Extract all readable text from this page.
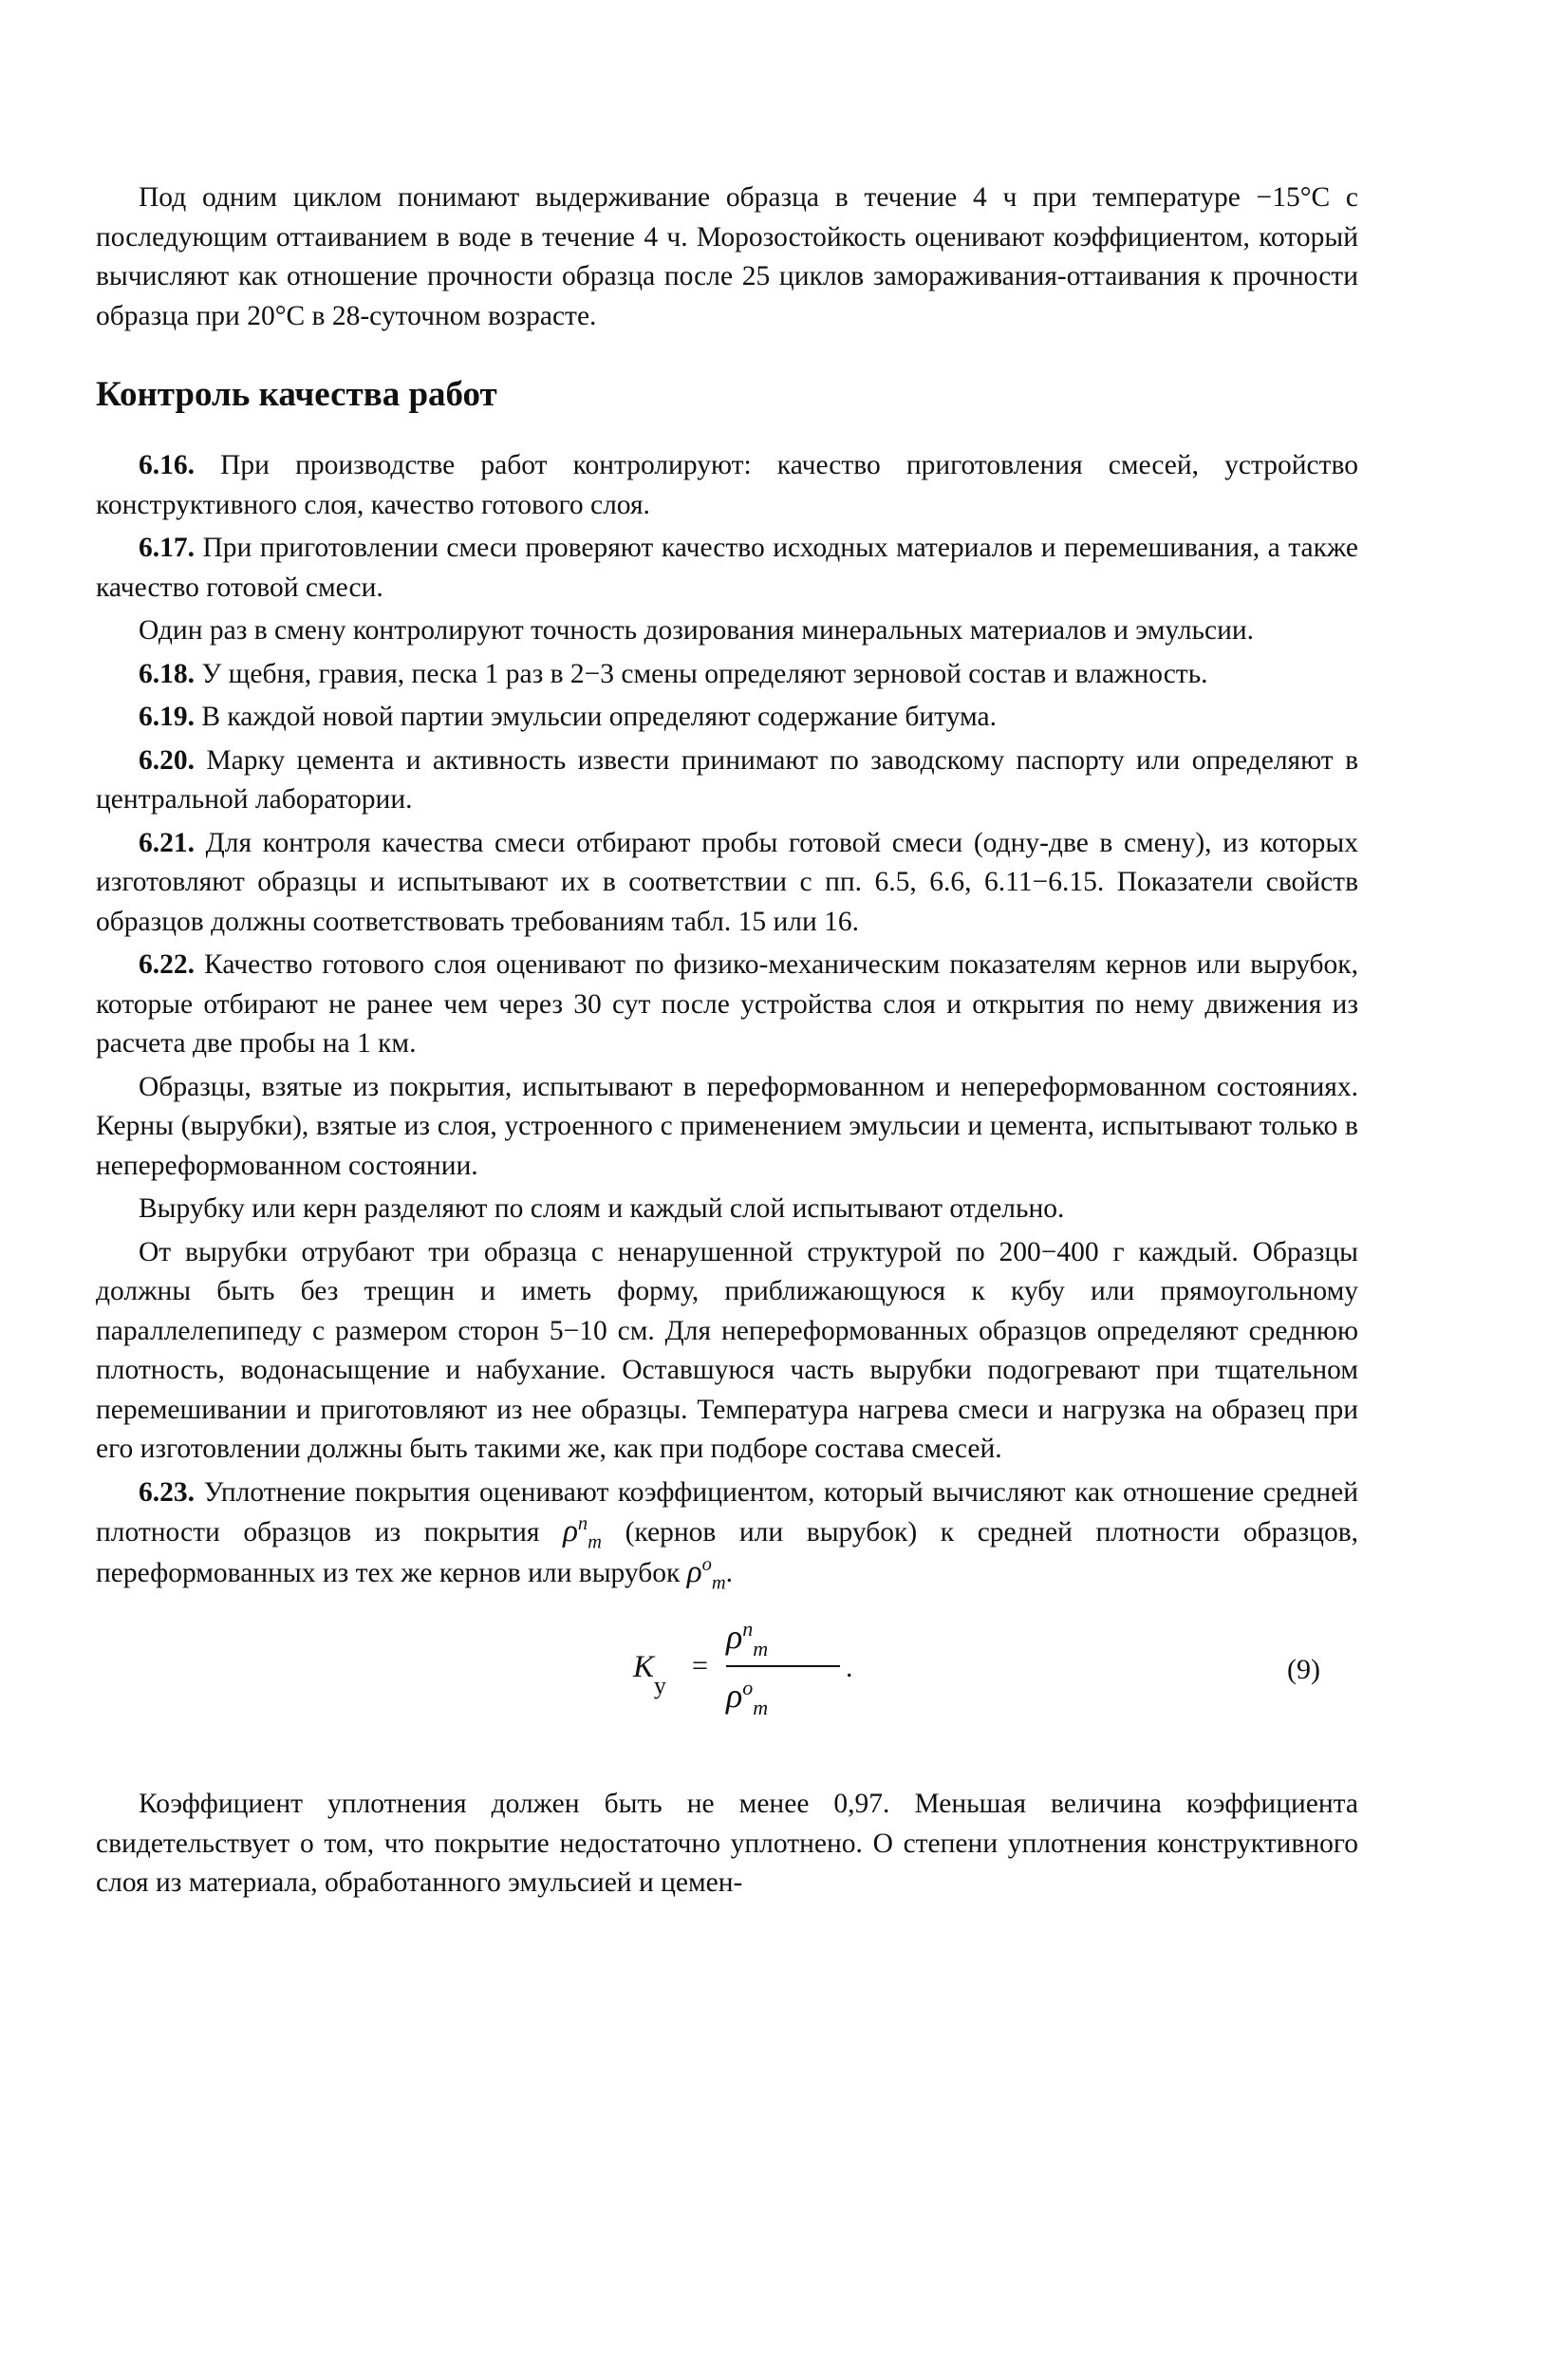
Под одним циклом понимают выдерживание образца в течение 4 ч при температуре −15°С с последующим оттаиванием в воде в течение 4 ч. Морозостойкость оценивают коэффициентом, который вычисляют как отношение прочности образца после 25 циклов замораживания-оттаивания к прочности образца при 20°С в 28-суточном возрасте.

Контроль качества работ

6.16. При производстве работ контролируют: качество приготовления смесей, устройство конструктивного слоя, качество готового слоя.

6.17. При приготовлении смеси проверяют качество исходных материалов и перемешивания, а также качество готовой смеси.

Один раз в смену контролируют точность дозирования минеральных материалов и эмульсии.

6.18. У щебня, гравия, песка 1 раз в 2−3 смены определяют зерновой состав и влажность.

6.19. В каждой новой партии эмульсии определяют содержание битума.

6.20. Марку цемента и активность извести принимают по заводскому паспорту или определяют в центральной лаборатории.

6.21. Для контроля качества смеси отбирают пробы готовой смеси (одну-две в смену), из которых изготовляют образцы и испытывают их в соответствии с пп. 6.5, 6.6, 6.11−6.15. Показатели свойств образцов должны соответствовать требованиям табл. 15 или 16.

6.22. Качество готового слоя оценивают по физико-механическим показателям кернов или вырубок, которые отбирают не ранее чем через 30 сут после устройства слоя и открытия по нему движения из расчета две пробы на 1 км.

Образцы, взятые из покрытия, испытывают в переформованном и непереформованном состояниях. Керны (вырубки), взятые из слоя, устроенного с применением эмульсии и цемента, испытывают только в непереформованном состоянии.

Вырубку или керн разделяют по слоям и каждый слой испытывают отдельно.

От вырубки отрубают три образца с ненарушенной структурой по 200−400 г каждый. Образцы должны быть без трещин и иметь форму, приближающуюся к кубу или прямоугольному параллелепипеду с размером сторон 5−10 см. Для непереформованных образцов определяют среднюю плотность, водонасыщение и набухание. Оставшуюся часть вырубки подогревают при тщательном перемешивании и приготовляют из нее образцы. Температура нагрева смеси и нагрузка на образец при его изготовлении должны быть такими же, как при подборе состава смесей.

6.23. Уплотнение покрытия оценивают коэффициентом, который вычисляют как отношение средней плотности образцов из покрытия $\rho^п_m$ (кернов или вырубок) к средней плотности образцов, переформованных из тех же кернов или вырубок $\rho^о_m$.

$К_у$
=
$\rho^п_m$
$\rho^о_m$
.	(9)

Коэффициент уплотнения должен быть не менее 0,97. Меньшая величина коэффициента свидетельствует о том, что покрытие недостаточно уплотнено. О степени уплотнения конструктивного слоя из материала, обработанного эмульсией и цемен-
